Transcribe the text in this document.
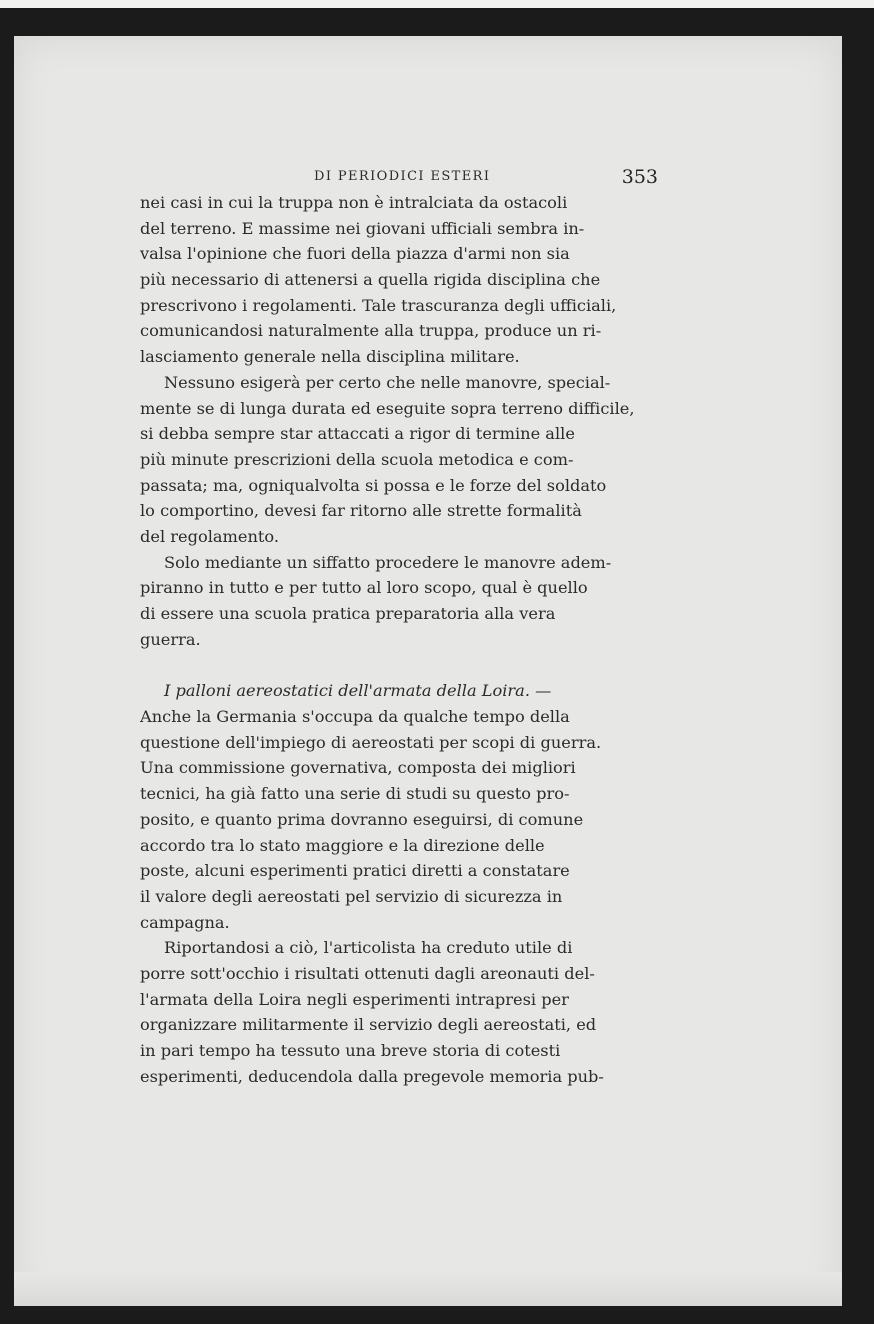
DI PERIODICI ESTERI	353
nei casi in cui la truppa non è intralciata da ostacoli
del terreno. E massime nei giovani ufficiali sembra in-
valsa l'opinione che fuori della piazza d'armi non sia
più necessario di attenersi a quella rigida disciplina che
prescrivono i regolamenti. Tale trascuranza degli ufficiali,
comunicandosi naturalmente alla truppa, produce un ri-
lasciamento generale nella disciplina militare.
Nessuno esigerà per certo che nelle manovre, special-
mente se di lunga durata ed eseguite sopra terreno difficile,
si debba sempre star attaccati a rigor di termine alle
più minute prescrizioni della scuola metodica e com-
passata; ma, ogniqualvolta si possa e le forze del soldato
lo comportino, devesi far ritorno alle strette formalità
del regolamento.
Solo mediante un siffatto procedere le manovre adem-
piranno in tutto e per tutto al loro scopo, qual è quello
di essere una scuola pratica preparatoria alla vera
guerra.
I palloni aereostatici dell'armata della Loira. —
Anche la Germania s'occupa da qualche tempo della
questione dell'impiego di aereostati per scopi di guerra.
Una commissione governativa, composta dei migliori
tecnici, ha già fatto una serie di studi su questo pro-
posito, e quanto prima dovranno eseguirsi, di comune
accordo tra lo stato maggiore e la direzione delle
poste, alcuni esperimenti pratici diretti a constatare
il valore degli aereostati pel servizio di sicurezza in
campagna.
Riportandosi a ciò, l'articolista ha creduto utile di
porre sott'occhio i risultati ottenuti dagli areonauti del-
l'armata della Loira negli esperimenti intrapresi per
organizzare militarmente il servizio degli aereostati, ed
in pari tempo ha tessuto una breve storia di cotesti
esperimenti, deducendola dalla pregevole memoria pub-
